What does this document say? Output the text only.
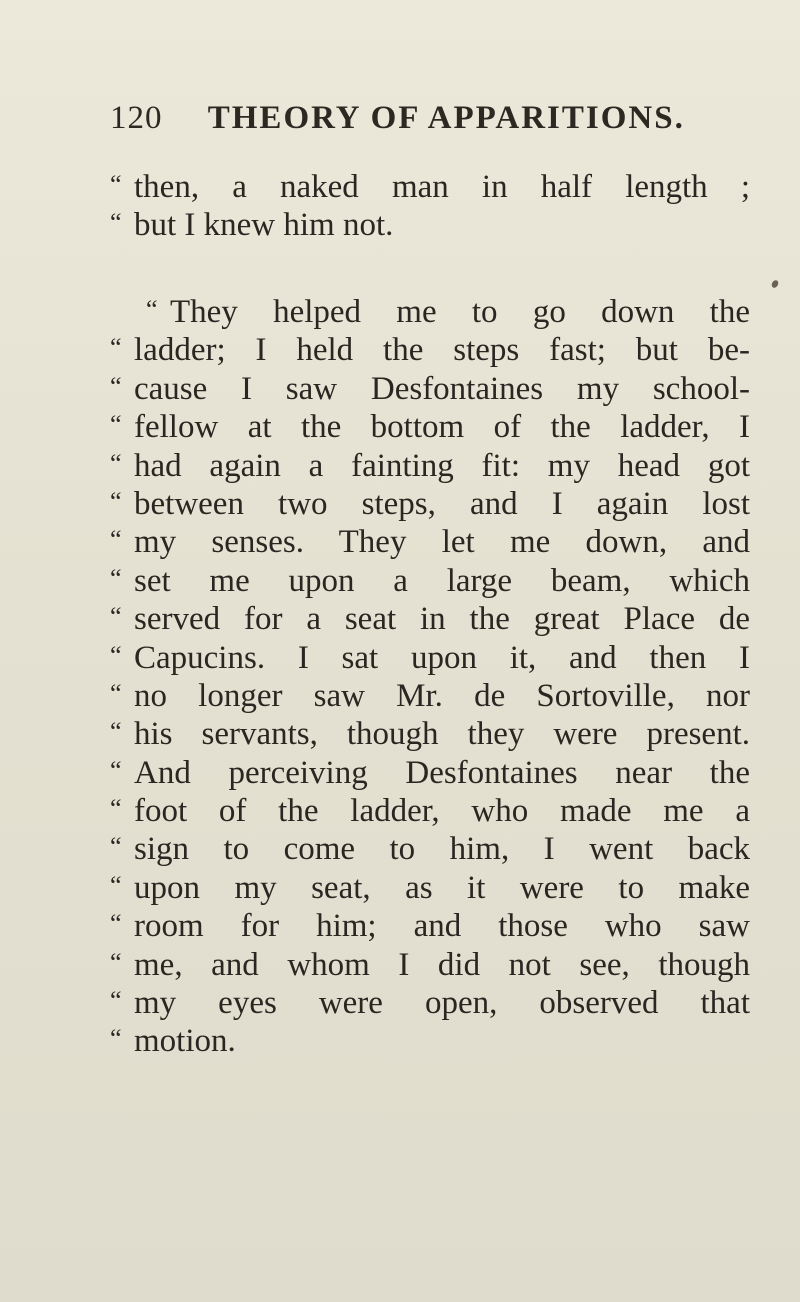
120 THEORY OF APPARITIONS.
“ then, a naked man in half length ;
“ but I knew him not.
“ They helped me to go down the
“ ladder; I held the steps fast; but be-
“ cause I saw Desfontaines my school-
“ fellow at the bottom of the ladder, I
“ had again a fainting fit: my head got
“ between two steps, and I again lost
“ my senses. They let me down, and
“ set me upon a large beam, which
“ served for a seat in the great Place de
“ Capucins. I sat upon it, and then I
“ no longer saw Mr. de Sortoville, nor
“ his servants, though they were present.
“ And perceiving Desfontaines near the
“ foot of the ladder, who made me a
“ sign to come to him, I went back
“ upon my seat, as it were to make
“ room for him; and those who saw
“ me, and whom I did not see, though
“ my eyes were open, observed that
“ motion.
